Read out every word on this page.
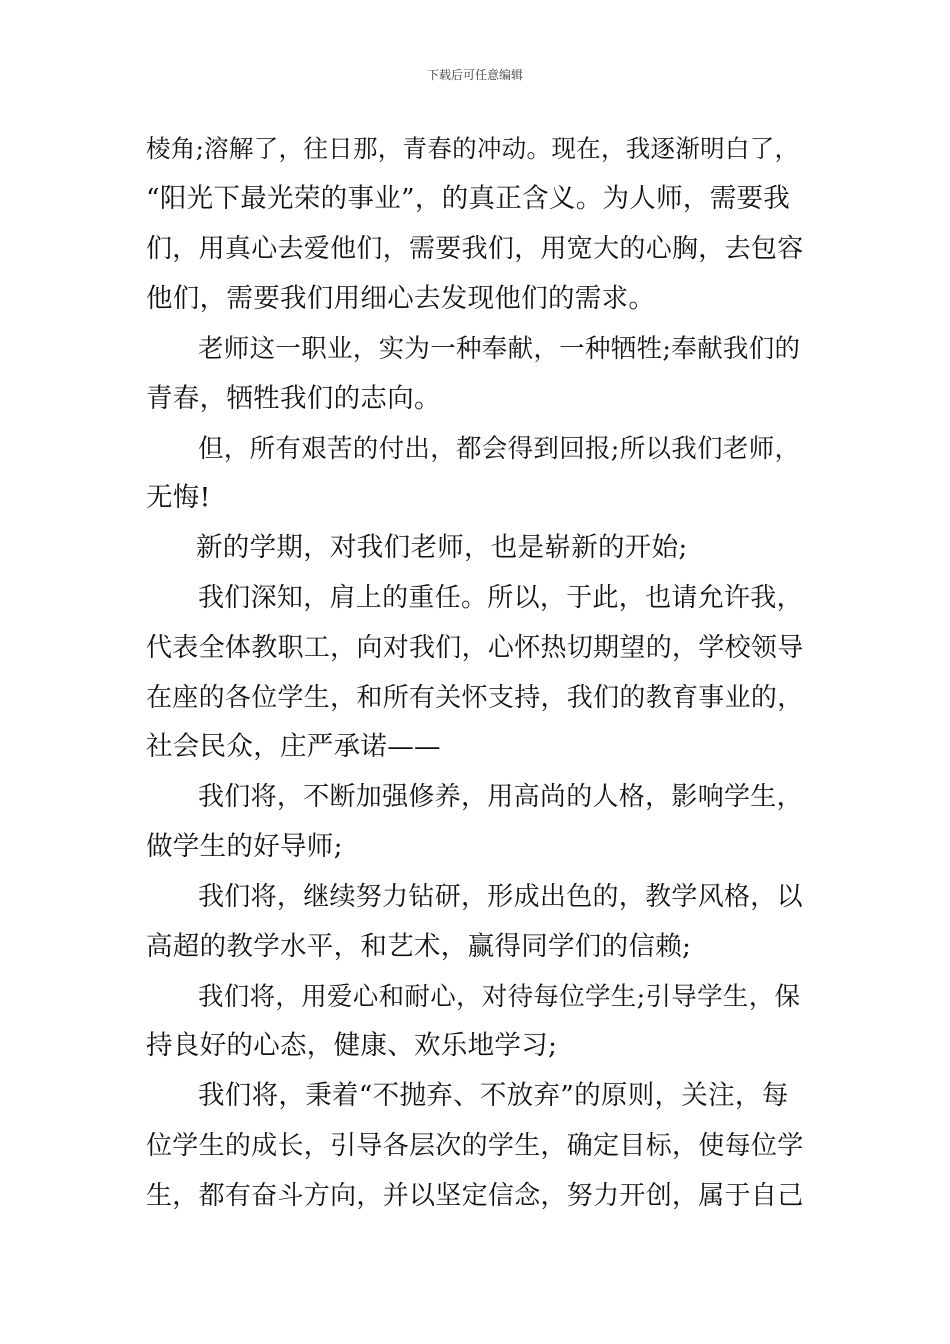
下载后可任意编辑
棱角;溶解了，往日那，青春的冲动。现在，我逐渐明白了，
“阳光下最光荣的事业”，的真正含义。为人师，需要我
们，用真心去爱他们，需要我们，用宽大的心胸，去包容
他们，需要我们用细心去发现他们的需求。
老师这一职业，实为一种奉献，一种牺牲;奉献我们的
青春，牺牲我们的志向。
但，所有艰苦的付出，都会得到回报;所以我们老师，
无悔!
新的学期，对我们老师，也是崭新的开始;
我们深知，肩上的重任。所以，于此，也请允许我，
代表全体教职工，向对我们，心怀热切期望的，学校领导
在座的各位学生，和所有关怀支持，我们的教育事业的，
社会民众，庄严承诺——
我们将，不断加强修养，用高尚的人格，影响学生，
做学生的好导师;
我们将，继续努力钻研，形成出色的，教学风格，以
高超的教学水平，和艺术，赢得同学们的信赖;
我们将，用爱心和耐心，对待每位学生;引导学生，保
持良好的心态，健康、欢乐地学习;
我们将，秉着“不抛弃、不放弃”的原则，关注，每
位学生的成长，引导各层次的学生，确定目标，使每位学
生，都有奋斗方向，并以坚定信念，努力开创，属于自己
